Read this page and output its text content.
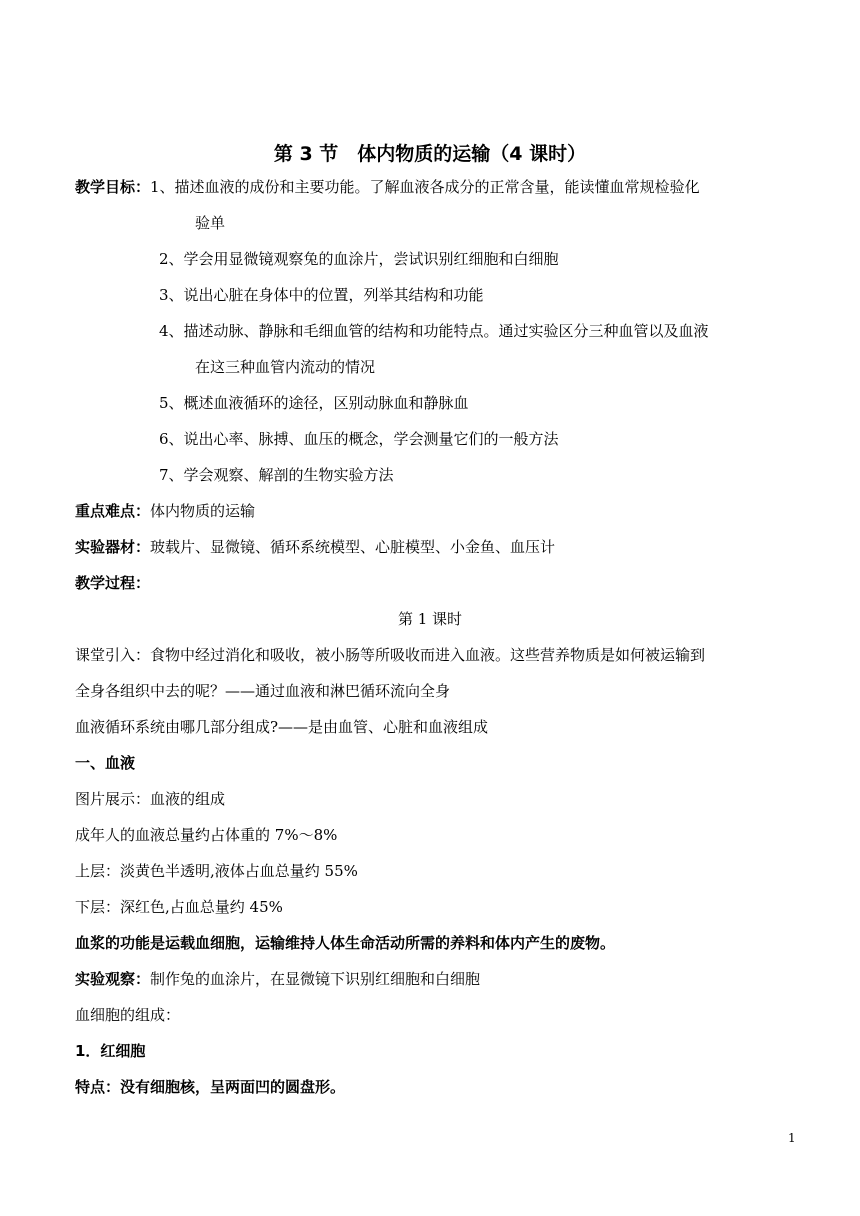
第 3 节　体内物质的运输（4 课时）
教学目标：1、描述血液的成份和主要功能。了解血液各成分的正常含量，能读懂血常规检验化
验单
2、学会用显微镜观察兔的血涂片，尝试识别红细胞和白细胞
3、说出心脏在身体中的位置，列举其结构和功能
4、描述动脉、静脉和毛细血管的结构和功能特点。通过实验区分三种血管以及血液
在这三种血管内流动的情况
5、概述血液循环的途径，区别动脉血和静脉血
6、说出心率、脉搏、血压的概念，学会测量它们的一般方法
7、学会观察、解剖的生物实验方法
重点难点：体内物质的运输
实验器材：玻载片、显微镜、循环系统模型、心脏模型、小金鱼、血压计
教学过程：
第 1 课时
课堂引入：食物中经过消化和吸收，被小肠等所吸收而进入血液。这些营养物质是如何被运输到
全身各组织中去的呢？——通过血液和淋巴循环流向全身
血液循环系统由哪几部分组成?——是由血管、心脏和血液组成
一、血液
图片展示：血液的组成
成年人的血液总量约占体重的 7%～8%
上层：淡黄色半透明,液体占血总量约 55%
下层：深红色,占血总量约 45%
血浆的功能是运载血细胞，运输维持人体生命活动所需的养料和体内产生的废物。
实验观察：制作兔的血涂片，在显微镜下识别红细胞和白细胞
血细胞的组成：
1．红细胞
特点：没有细胞核，呈两面凹的圆盘形。
1
